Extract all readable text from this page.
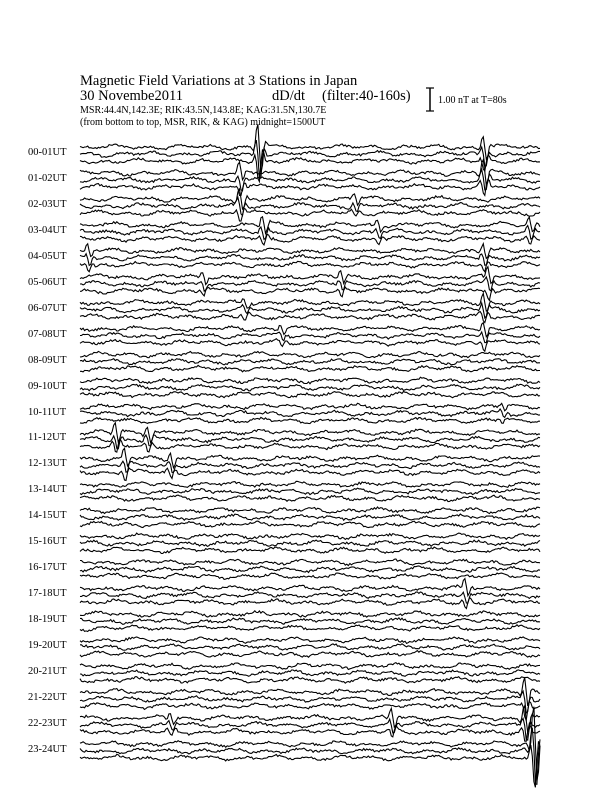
Magnetic Field Variations at 3 Stations in Japan
30 Novembe2011	dD/dt (filter:40-160s)
MSR:44.4N,142.3E; RIK:43.5N,143.8E; KAG:31.5N,130.7E
(from bottom to top, MSR, RIK, & KAG) midnight=1500UT
1.00 nT at T=80s
00-01UT
01-02UT
02-03UT
03-04UT
04-05UT
05-06UT
06-07UT
07-08UT
08-09UT
09-10UT
10-11UT
11-12UT
12-13UT
13-14UT
14-15UT
15-16UT
16-17UT
17-18UT
18-19UT
19-20UT
20-21UT
21-22UT
22-23UT
23-24UT
